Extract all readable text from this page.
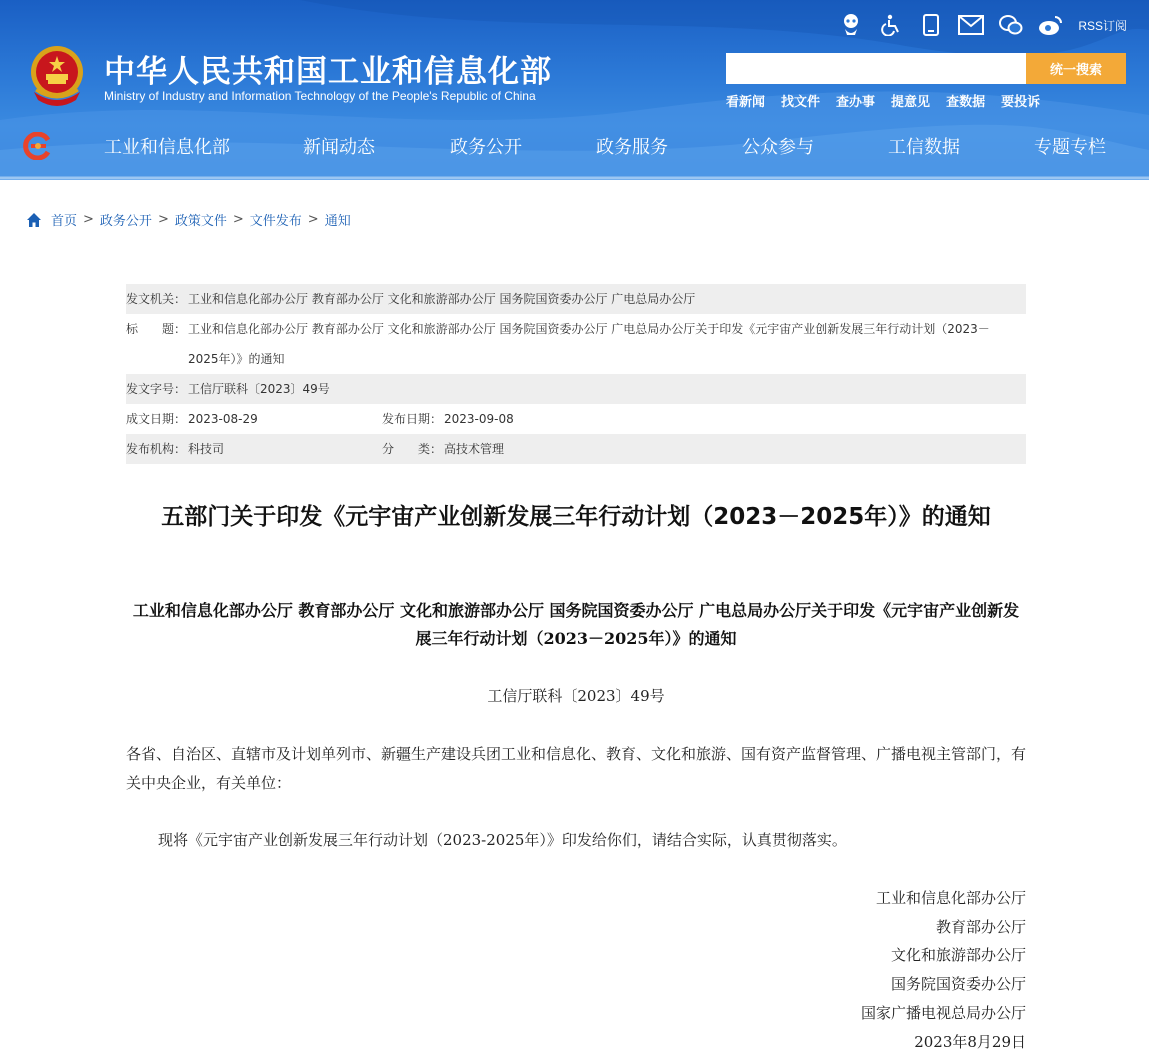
中华人民共和国工业和信息化部
Ministry of Industry and Information Technology of the People's Republic of China
RSS订阅
统一搜索
看新闻 找文件 查办事 提意见 查数据 要投诉
工业和信息化部	新闻动态	政务公开	政务服务	公众参与	工信数据	专题专栏
首页 > 政务公开 > 政策文件 > 文件发布 > 通知
发文机关： 工业和信息化部办公厅 教育部办公厅 文化和旅游部办公厅 国务院国资委办公厅 广电总局办公厅
标　　题： 工业和信息化部办公厅 教育部办公厅 文化和旅游部办公厅 国务院国资委办公厅 广电总局办公厅关于印发《元宇宙产业创新发展三年行动计划（2023－2025年）》的通知
发文字号： 工信厅联科〔2023〕49号
成文日期： 2023-08-29	发布日期： 2023-09-08
发布机构： 科技司	分　　类： 高技术管理
五部门关于印发《元宇宙产业创新发展三年行动计划（2023－2025年）》的通知
工业和信息化部办公厅 教育部办公厅 文化和旅游部办公厅 国务院国资委办公厅 广电总局办公厅关于印发《元宇宙产业创新发展三年行动计划（2023－2025年）》的通知
工信厅联科〔2023〕49号
各省、自治区、直辖市及计划单列市、新疆生产建设兵团工业和信息化、教育、文化和旅游、国有资产监督管理、广播电视主管部门，有关中央企业，有关单位：
现将《元宇宙产业创新发展三年行动计划（2023-2025年）》印发给你们，请结合实际，认真贯彻落实。
工业和信息化部办公厅
教育部办公厅
文化和旅游部办公厅
国务院国资委办公厅
国家广播电视总局办公厅
2023年8月29日
